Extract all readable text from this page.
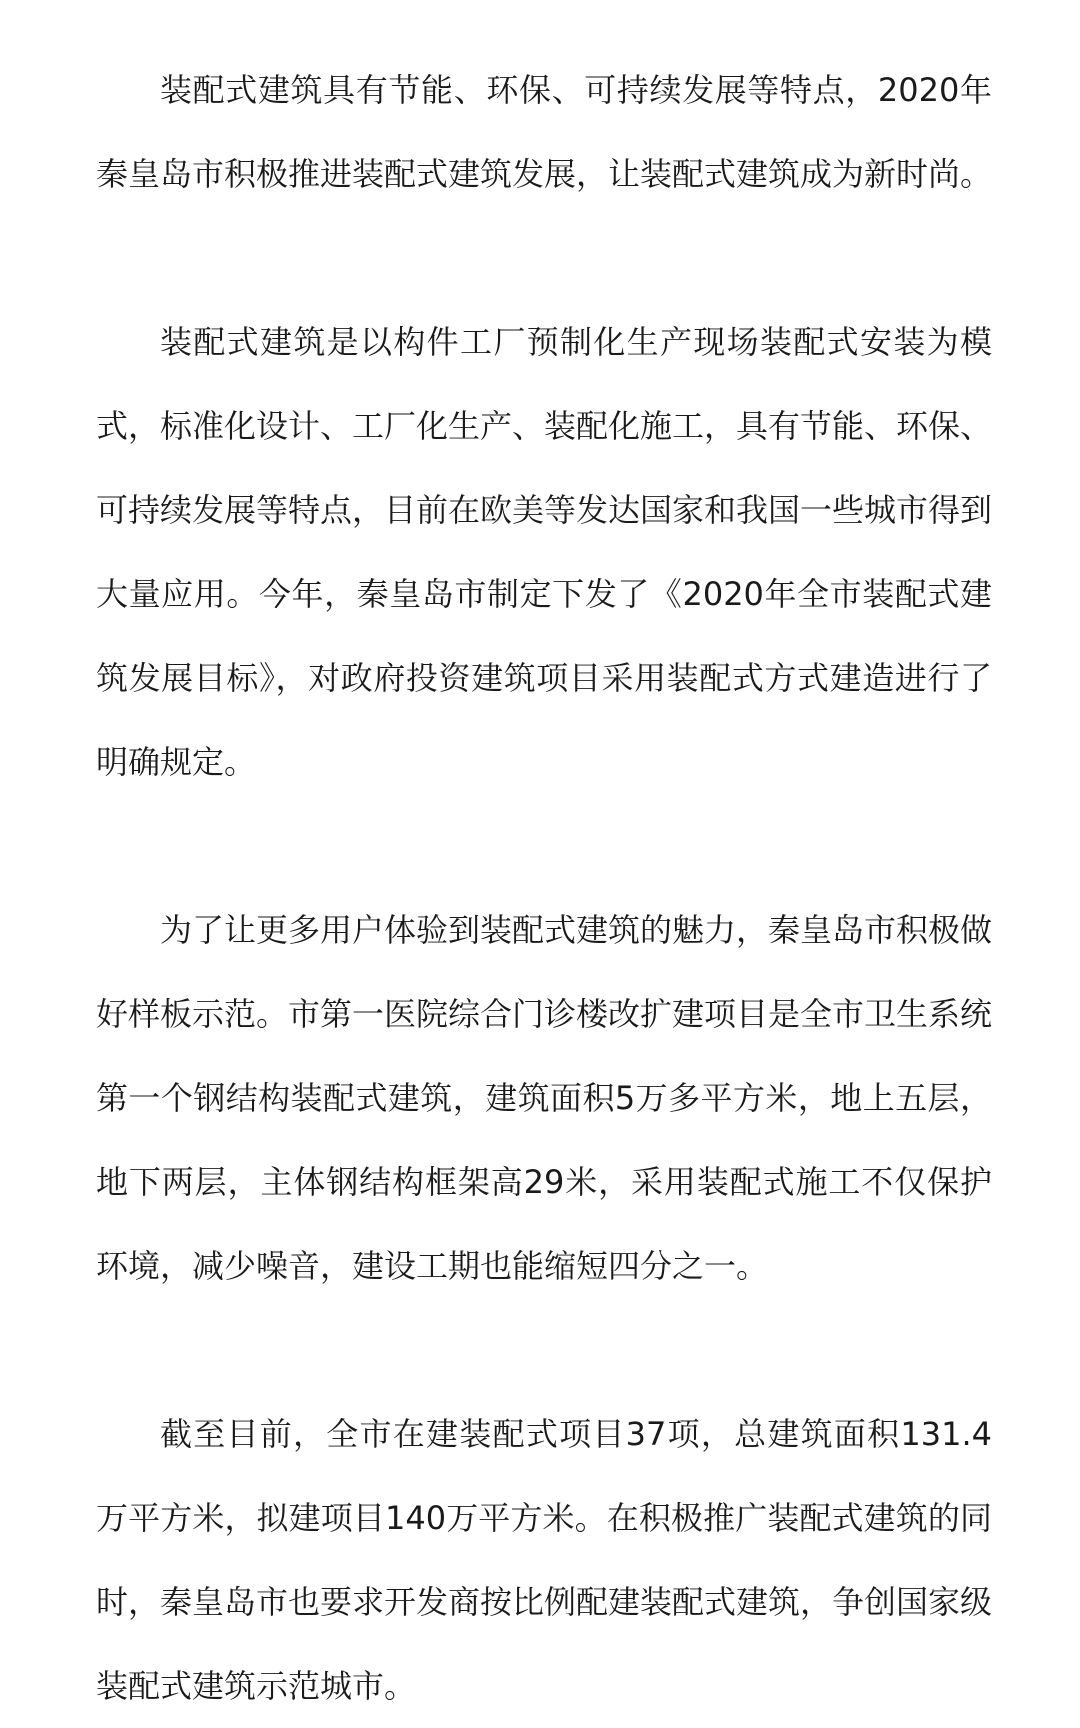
装配式建筑具有节能、环保、可持续发展等特点，2020年秦皇岛市积极推进装配式建筑发展，让装配式建筑成为新时尚。

装配式建筑是以构件工厂预制化生产现场装配式安装为模式，标准化设计、工厂化生产、装配化施工，具有节能、环保、可持续发展等特点，目前在欧美等发达国家和我国一些城市得到大量应用。今年，秦皇岛市制定下发了《2020年全市装配式建筑发展目标》，对政府投资建筑项目采用装配式方式建造进行了明确规定。

为了让更多用户体验到装配式建筑的魅力，秦皇岛市积极做好样板示范。市第一医院综合门诊楼改扩建项目是全市卫生系统第一个钢结构装配式建筑，建筑面积5万多平方米，地上五层，地下两层，主体钢结构框架高29米，采用装配式施工不仅保护环境，减少噪音，建设工期也能缩短四分之一。

截至目前，全市在建装配式项目37项，总建筑面积131.4万平方米，拟建项目140万平方米。在积极推广装配式建筑的同时，秦皇岛市也要求开发商按比例配建装配式建筑，争创国家级装配式建筑示范城市。
